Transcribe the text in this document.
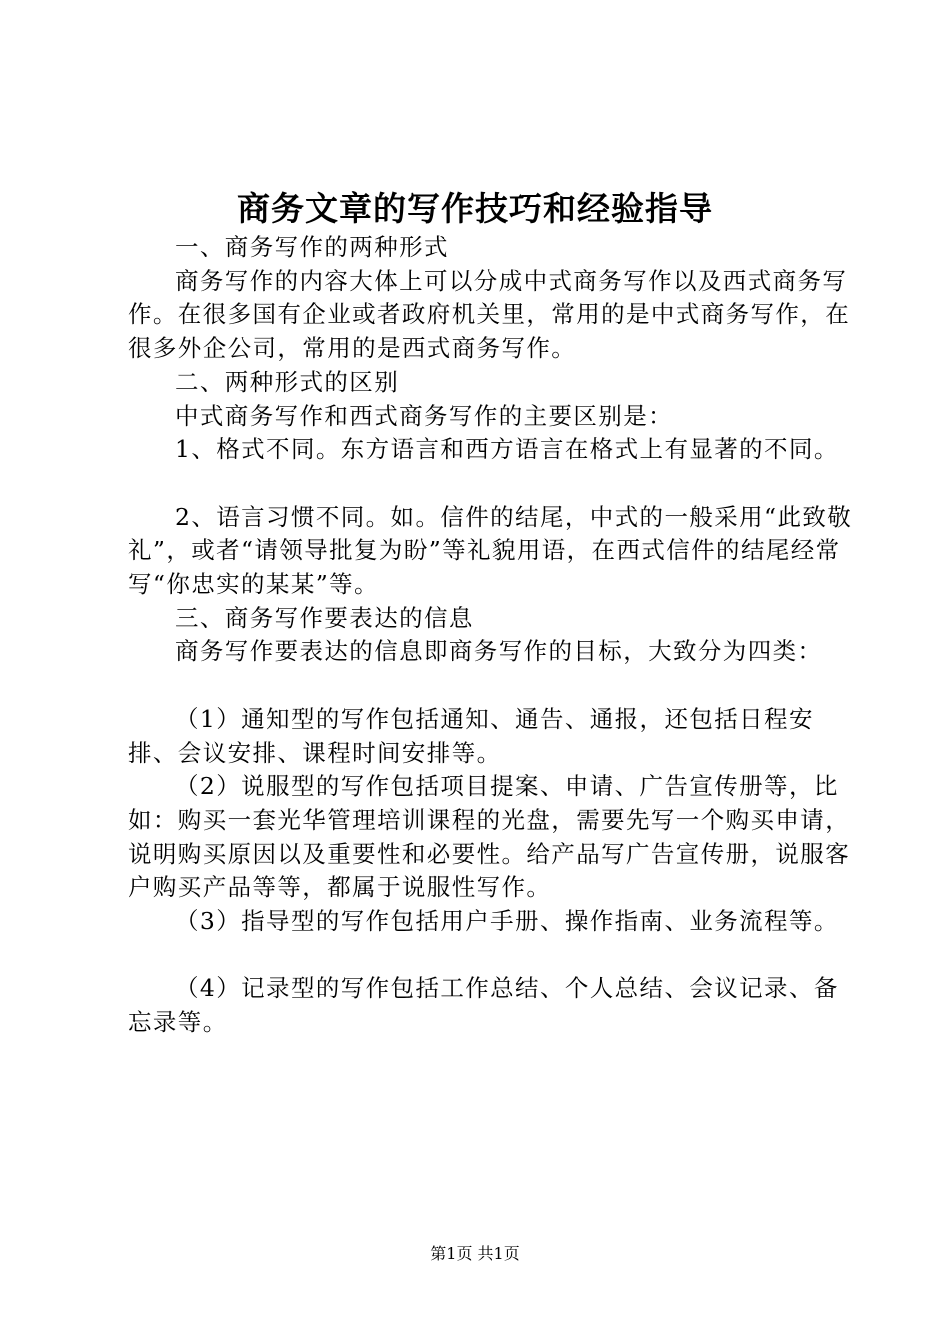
商务文章的写作技巧和经验指导

一、商务写作的两种形式

商务写作的内容大体上可以分成中式商务写作以及西式商务写作。在很多国有企业或者政府机关里，常用的是中式商务写作，在很多外企公司，常用的是西式商务写作。

二、两种形式的区别

中式商务写作和西式商务写作的主要区别是：

1、格式不同。东方语言和西方语言在格式上有显著的不同。

2、语言习惯不同。如。信件的结尾，中式的一般采用“此致敬礼”，或者“请领导批复为盼”等礼貌用语，在西式信件的结尾经常写“你忠实的某某”等。

三、商务写作要表达的信息

商务写作要表达的信息即商务写作的目标，大致分为四类：

（1）通知型的写作包括通知、通告、通报，还包括日程安排、会议安排、课程时间安排等。

（2）说服型的写作包括项目提案、申请、广告宣传册等，比如：购买一套光华管理培训课程的光盘，需要先写一个购买申请，说明购买原因以及重要性和必要性。给产品写广告宣传册，说服客户购买产品等等，都属于说服性写作。

（3）指导型的写作包括用户手册、操作指南、业务流程等。

（4）记录型的写作包括工作总结、个人总结、会议记录、备忘录等。

第1页 共1页
